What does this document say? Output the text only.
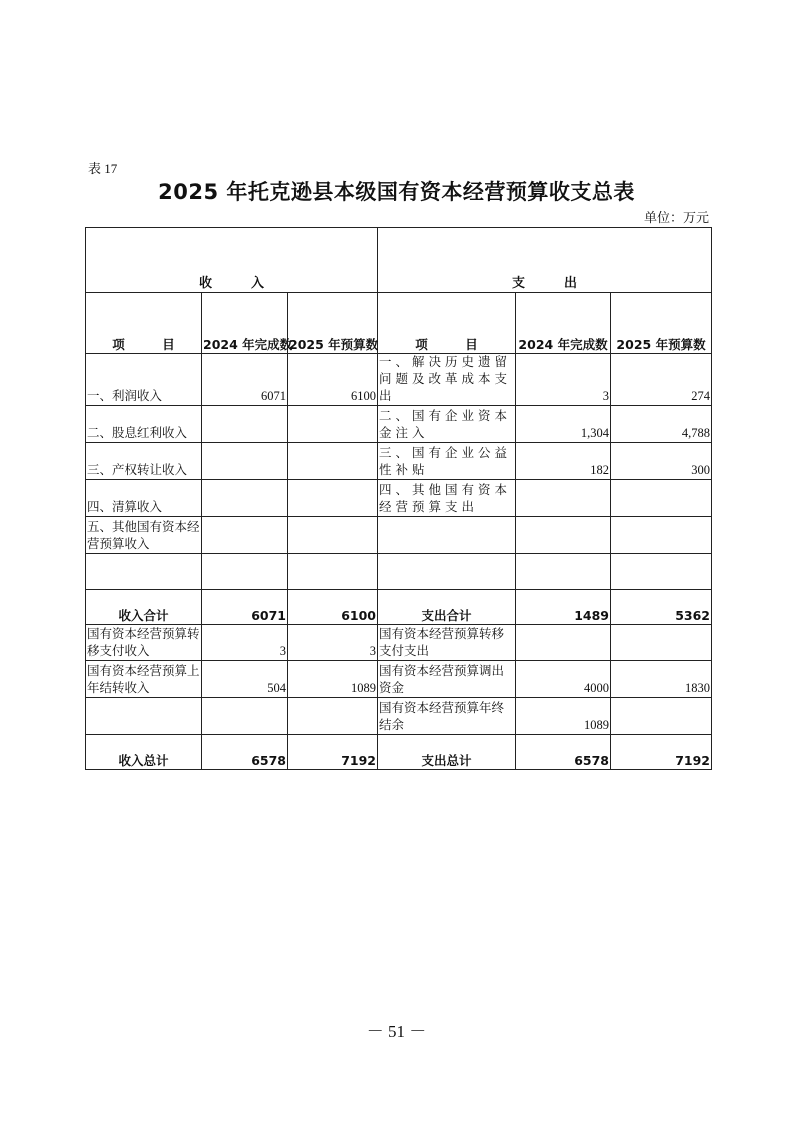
表 17
2025 年托克逊县本级国有资本经营预算收支总表
单位：万元
收　　　入			支　　　出		
项　　　目	2024 年完成数	2025 年预算数	项　　　目	2024 年完成数	2025 年预算数
一、利润收入	6071	6100	一、解决历史遗留问题及改革成本支出	3	274
二、股息红利收入			二、国有企业资本金注入	1,304	4,788
三、产权转让收入			三、国有企业公益性补贴	182	300
四、清算收入			四、其他国有资本经营预算支出		
五、其他国有资本经营预算收入					

收入合计	6071	6100	支出合计	1489	5362
国有资本经营预算转移支付收入	3	3	国有资本经营预算转移支付支出		
国有资本经营预算上年结转收入	504	1089	国有资本经营预算调出资金	4000	1830
			国有资本经营预算年终结余	1089	
收入总计	6578	7192	支出总计	6578	7192
－ 51 －
